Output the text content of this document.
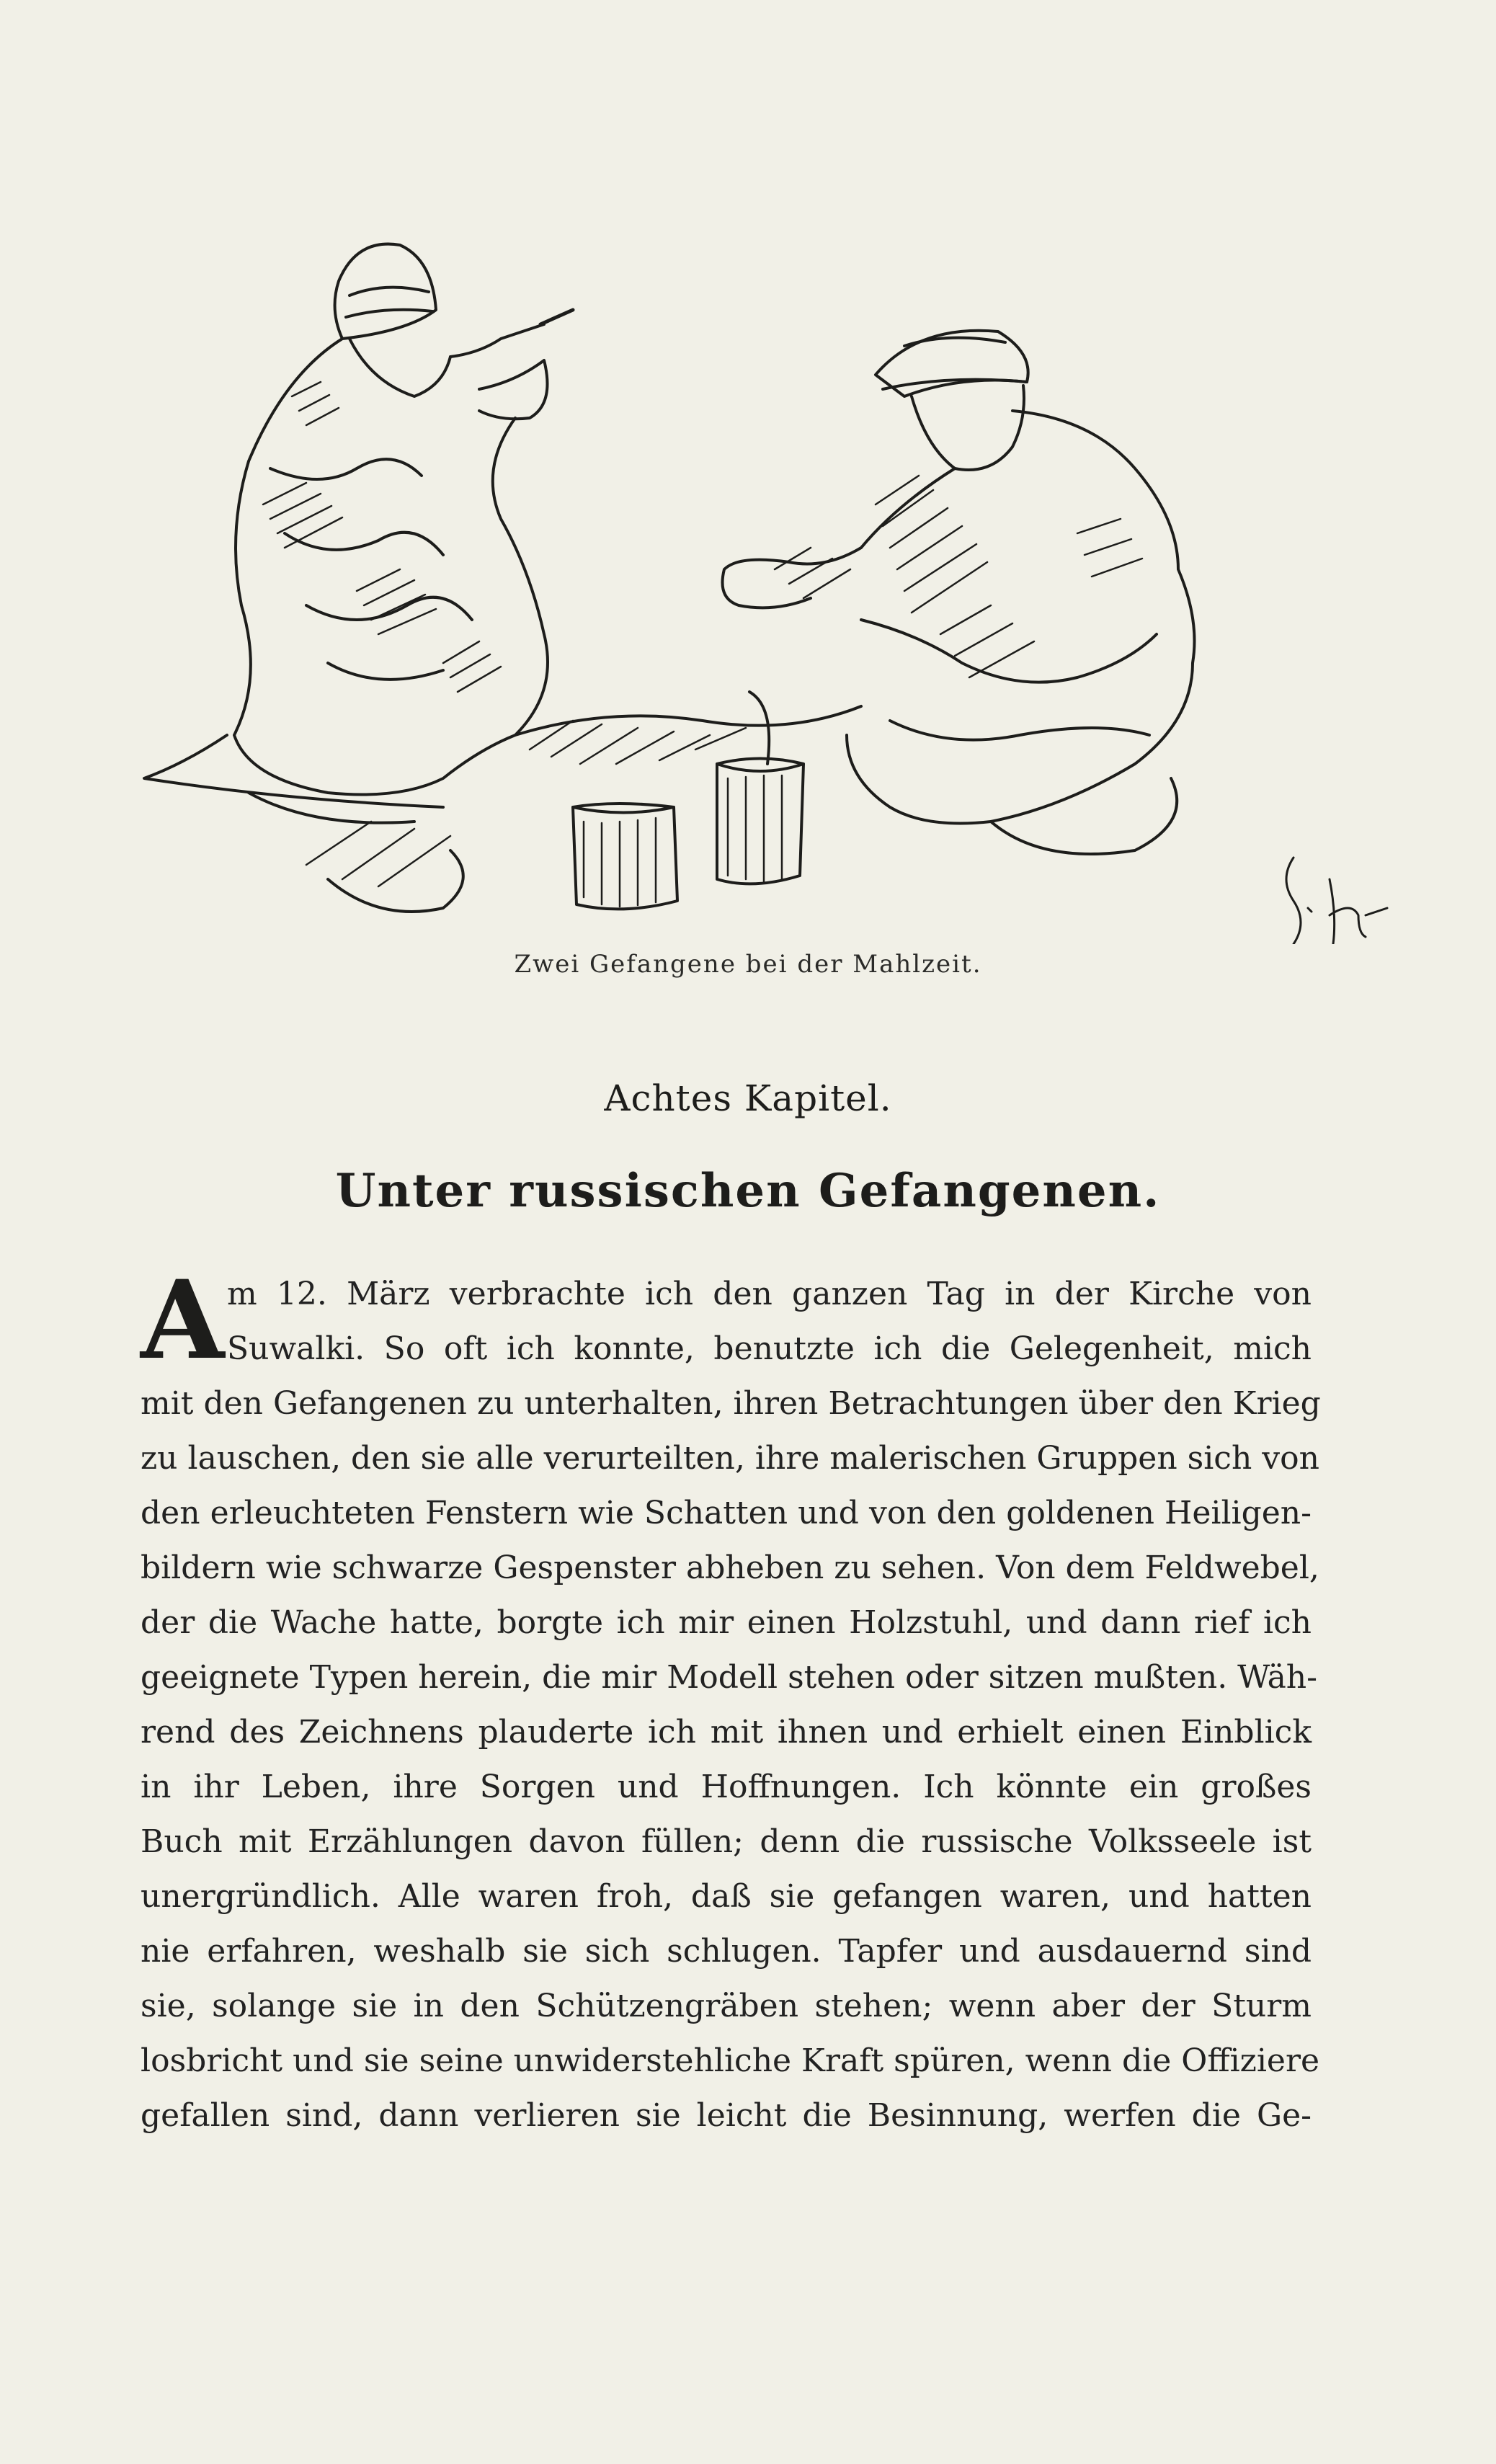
Zwei Gefangene bei der Mahlzeit.
Achtes Kapitel.
Unter russischen Gefangenen.
A m 12. März verbrachte ich den ganzen Tag in der Kirche von
Suwalki. So oft ich konnte, benutzte ich die Gelegenheit, mich
mit den Gefangenen zu unterhalten, ihren Betrachtungen über den Krieg
zu lauschen, den sie alle verurteilten, ihre malerischen Gruppen sich von
den erleuchteten Fenstern wie Schatten und von den goldenen Heiligen-
bildern wie schwarze Gespenster abheben zu sehen. Von dem Feldwebel,
der die Wache hatte, borgte ich mir einen Holzstuhl, und dann rief ich
geeignete Typen herein, die mir Modell stehen oder sitzen mußten. Wäh-
rend des Zeichnens plauderte ich mit ihnen und erhielt einen Einblick
in ihr Leben, ihre Sorgen und Hoffnungen. Ich könnte ein großes
Buch mit Erzählungen davon füllen; denn die russische Volksseele ist
unergründlich. Alle waren froh, daß sie gefangen waren, und hatten
nie erfahren, weshalb sie sich schlugen. Tapfer und ausdauernd sind
sie, solange sie in den Schützengräben stehen; wenn aber der Sturm
losbricht und sie seine unwiderstehliche Kraft spüren, wenn die Offiziere
gefallen sind, dann verlieren sie leicht die Besinnung, werfen die Ge-
